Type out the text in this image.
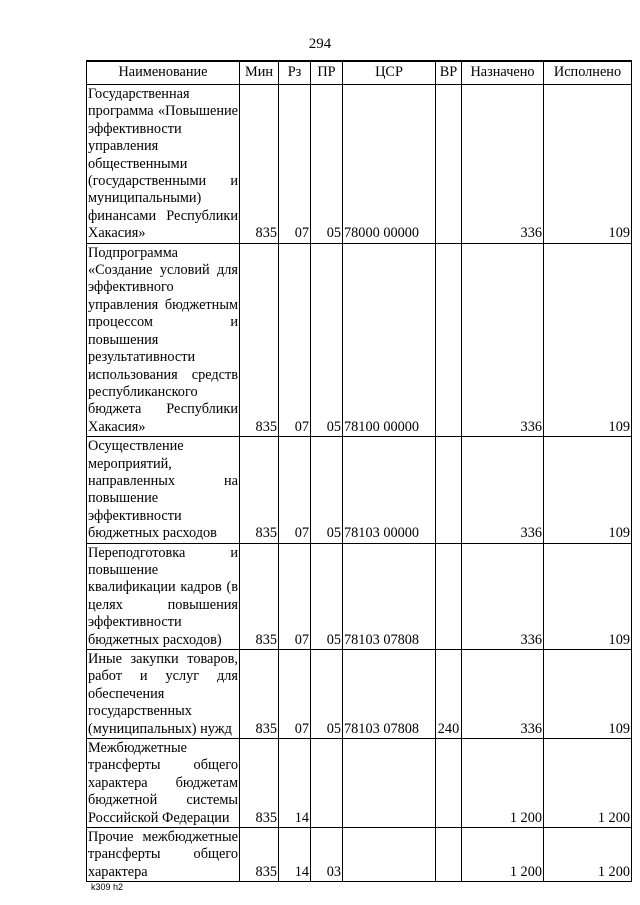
294
Наименование	Мин	Рз	ПР	ЦСР	ВР	Назначено	Исполнено
Государственная программа «Повышение эффективности управления общественными (государственными и муниципальными) финансами Республики Хакасия»	835	07	05	78000 00000		336	109
Подпрограмма «Создание условий для эффективного управления бюджетным процессом и повышения результативности использования средств республиканского бюджета Республики Хакасия»	835	07	05	78100 00000		336	109
Осуществление мероприятий, направленных на повышение эффективности бюджетных расходов	835	07	05	78103 00000		336	109
Переподготовка и повышение квалификации кадров (в целях повышения эффективности бюджетных расходов)	835	07	05	78103 07808		336	109
Иные закупки товаров, работ и услуг для обеспечения государственных (муниципальных) нужд	835	07	05	78103 07808	240	336	109
Межбюджетные трансферты общего характера бюджетам бюджетной системы Российской Федерации	835	14				1 200	1 200
Прочие межбюджетные трансферты общего характера	835	14	03			1 200	1 200
k309 h2
